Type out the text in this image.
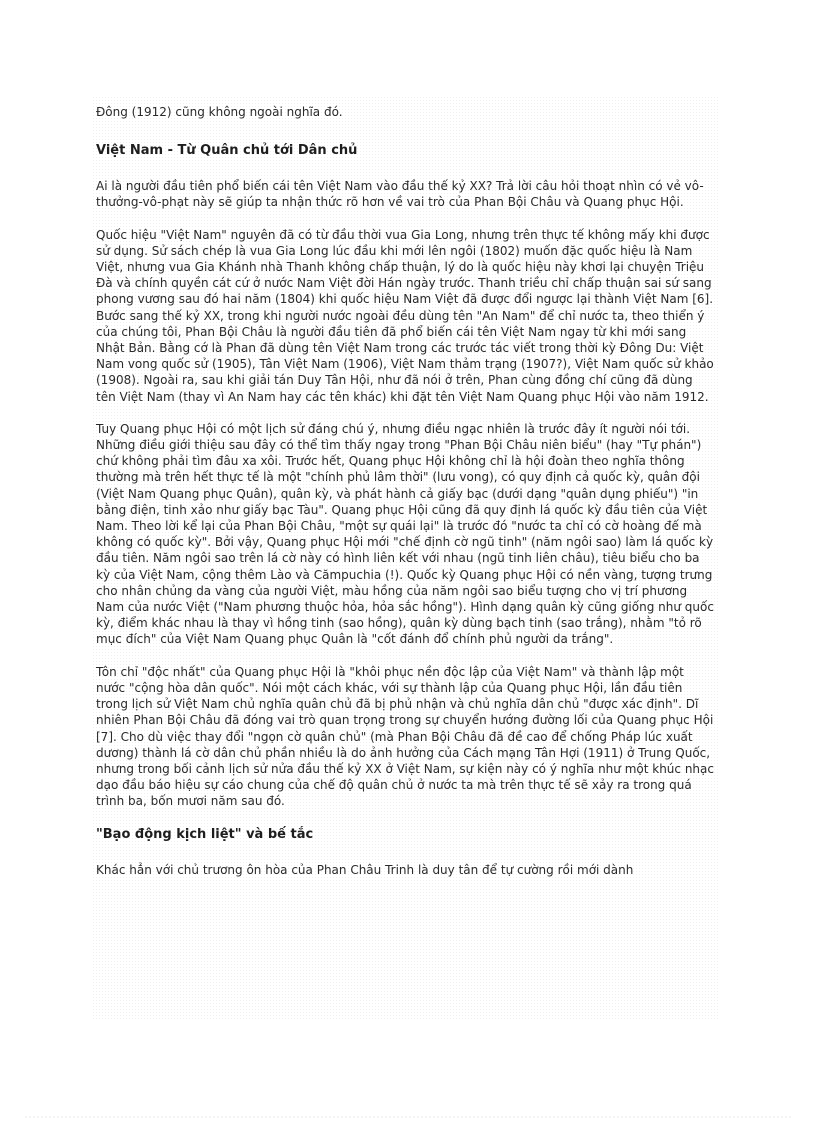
Đông (1912) cũng không ngoài nghĩa đó.

Việt Nam - Từ Quân chủ tới Dân chủ

Ai là người đầu tiên phổ biến cái tên Việt Nam vào đầu thế kỷ XX? Trả lời câu hỏi thoạt nhìn có vẻ vô-thưởng-vô-phạt này sẽ giúp ta nhận thức rõ hơn về vai trò của Phan Bội Châu và Quang phục Hội.

Quốc hiệu "Việt Nam" nguyên đã có từ đầu thời vua Gia Long, nhưng trên thực tế không mấy khi được sử dụng. Sử sách chép là vua Gia Long lúc đầu khi mới lên ngôi (1802) muốn đặc quốc hiệu là Nam Việt, nhưng vua Gia Khánh nhà Thanh không chấp thuận, lý do là quốc hiệu này khơi lại chuyện Triệu Đà và chính quyền cát cứ ở nước Nam Việt đời Hán ngày trước. Thanh triều chỉ chấp thuận sai sứ sang phong vương sau đó hai năm (1804) khi quốc hiệu Nam Việt đã được đổi ngược lại thành Việt Nam [6]. Bước sang thế kỷ XX, trong khi người nước ngoài đều dùng tên "An Nam" để chỉ nước ta, theo thiển ý của chúng tôi, Phan Bội Châu là người đầu tiên đã phổ biến cái tên Việt Nam ngay từ khi mới sang Nhật Bản. Bằng cớ là Phan đã dùng tên Việt Nam trong các trước tác viết trong thời kỳ Đông Du: Việt Nam vong quốc sử (1905), Tân Việt Nam (1906), Việt Nam thảm trạng (1907?), Việt Nam quốc sử khảo (1908). Ngoài ra, sau khi giải tán Duy Tân Hội, như đã nói ở trên, Phan cùng đồng chí cũng đã dùng tên Việt Nam (thay vì An Nam hay các tên khác) khi đặt tên Việt Nam Quang phục Hội vào năm 1912.

Tuy Quang phục Hội có một lịch sử đáng chú ý, nhưng điều ngạc nhiên là trước đây ít người nói tới. Những điều giới thiệu sau đây có thể tìm thấy ngay trong "Phan Bội Châu niên biểu" (hay "Tự phán") chứ không phải tìm đâu xa xôi. Trước hết, Quang phục Hội không chỉ là hội đoàn theo nghĩa thông thường mà trên hết thực tế là một "chính phủ lâm thời" (lưu vong), có quy định cả quốc kỳ, quân đội (Việt Nam Quang phục Quân), quân kỳ, và phát hành cả giấy bạc (dưới dạng "quân dụng phiếu") "in bằng điện, tinh xảo như giấy bạc Tàu". Quang phục Hội cũng đã quy định lá quốc kỳ đầu tiên của Việt Nam. Theo lời kể lại của Phan Bội Châu, "một sự quái lại" là trước đó "nước ta chỉ có cờ hoàng đế mà không có quốc kỳ". Bởi vậy, Quang phục Hội mới "chế định cờ ngũ tinh" (năm ngôi sao) làm lá quốc kỳ đầu tiên. Năm ngôi sao trên lá cờ này có hình liên kết với nhau (ngũ tinh liên châu), tiêu biểu cho ba kỳ của Việt Nam, cộng thêm Lào và Cămpuchia (!). Quốc kỳ Quang phục Hội có nền vàng, tượng trưng cho nhân chủng da vàng của người Việt, màu hồng của năm ngôi sao biểu tượng cho vị trí phương Nam của nước Việt ("Nam phương thuộc hỏa, hỏa sắc hồng"). Hình dạng quân kỳ cũng giống như quốc kỳ, điểm khác nhau là thay vì hồng tinh (sao hồng), quân kỳ dùng bạch tinh (sao trắng), nhằm "tỏ rõ mục đích" của Việt Nam Quang phục Quân là "cốt đánh đổ chính phủ người da trắng".

Tôn chỉ "độc nhất" của Quang phục Hội là "khôi phục nền độc lập của Việt Nam" và thành lập một nước "cộng hòa dân quốc". Nói một cách khác, với sự thành lập của Quang phục Hội, lần đầu tiên trong lịch sử Việt Nam chủ nghĩa quân chủ đã bị phủ nhận và chủ nghĩa dân chủ "được xác định". Dĩ nhiên Phan Bội Châu đã đóng vai trò quan trọng trong sự chuyển hướng đường lối của Quang phục Hội [7]. Cho dù việc thay đổi "ngọn cờ quân chủ" (mà Phan Bội Châu đã đề cao để chống Pháp lúc xuất dương) thành lá cờ dân chủ phần nhiều là do ảnh hưởng của Cách mạng Tân Hợi (1911) ở Trung Quốc, nhưng trong bối cảnh lịch sử nửa đầu thế kỷ XX ở Việt Nam, sự kiện này có ý nghĩa như một khúc nhạc dạo đầu báo hiệu sự cáo chung của chế độ quân chủ ở nước ta mà trên thực tế sẽ xảy ra trong quá trình ba, bốn mươi năm sau đó.

"Bạo động kịch liệt" và bế tắc

Khác hẳn với chủ trương ôn hòa của Phan Châu Trinh là duy tân để tự cường rồi mới dành
